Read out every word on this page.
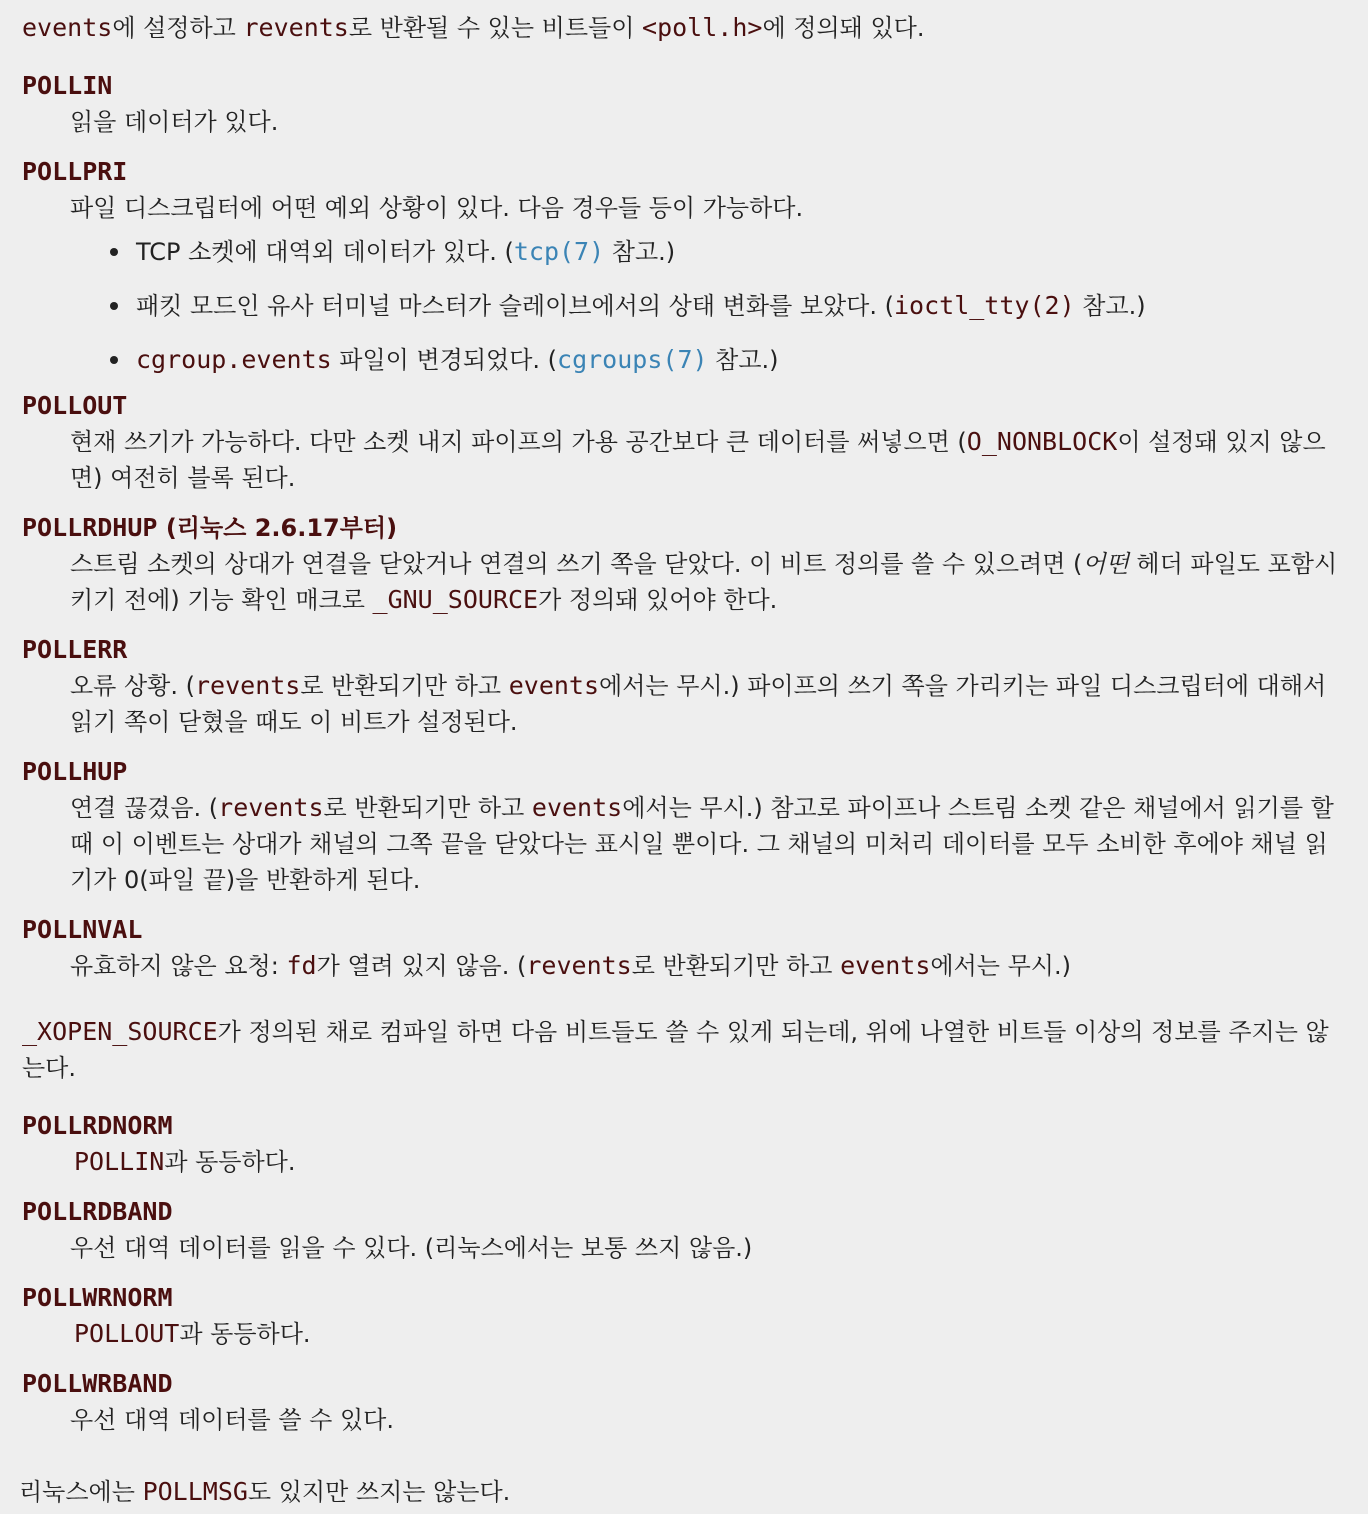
events에 설정하고 revents로 반환될 수 있는 비트들이 <poll.h>에 정의돼 있다.

POLLIN
읽을 데이터가 있다.
POLLPRI
파일 디스크립터에 어떤 예외 상황이 있다. 다음 경우들 등이 가능하다.
TCP 소켓에 대역외 데이터가 있다. (tcp(7) 참고.)
패킷 모드인 유사 터미널 마스터가 슬레이브에서의 상태 변화를 보았다. (ioctl_tty(2) 참고.)
cgroup.events 파일이 변경되었다. (cgroups(7) 참고.)
POLLOUT
현재 쓰기가 가능하다. 다만 소켓 내지 파이프의 가용 공간보다 큰 데이터를 써넣으면 (O_NONBLOCK이 설정돼 있지 않으면) 여전히 블록 된다.
POLLRDHUP (리눅스 2.6.17부터)
스트림 소켓의 상대가 연결을 닫았거나 연결의 쓰기 쪽을 닫았다. 이 비트 정의를 쓸 수 있으려면 (어떤 헤더 파일도 포함시키기 전에) 기능 확인 매크로 _GNU_SOURCE가 정의돼 있어야 한다.
POLLERR
오류 상황. (revents로 반환되기만 하고 events에서는 무시.) 파이프의 쓰기 쪽을 가리키는 파일 디스크립터에 대해서 읽기 쪽이 닫혔을 때도 이 비트가 설정된다.
POLLHUP
연결 끊겼음. (revents로 반환되기만 하고 events에서는 무시.) 참고로 파이프나 스트림 소켓 같은 채널에서 읽기를 할 때 이 이벤트는 상대가 채널의 그쪽 끝을 닫았다는 표시일 뿐이다. 그 채널의 미처리 데이터를 모두 소비한 후에야 채널 읽기가 0(파일 끝)을 반환하게 된다.
POLLNVAL
유효하지 않은 요청: fd가 열려 있지 않음. (revents로 반환되기만 하고 events에서는 무시.)

_XOPEN_SOURCE가 정의된 채로 컴파일 하면 다음 비트들도 쓸 수 있게 되는데, 위에 나열한 비트들 이상의 정보를 주지는 않는다.

POLLRDNORM
POLLIN과 동등하다.
POLLRDBAND
우선 대역 데이터를 읽을 수 있다. (리눅스에서는 보통 쓰지 않음.)
POLLWRNORM
POLLOUT과 동등하다.
POLLWRBAND
우선 대역 데이터를 쓸 수 있다.

리눅스에는 POLLMSG도 있지만 쓰지는 않는다.
